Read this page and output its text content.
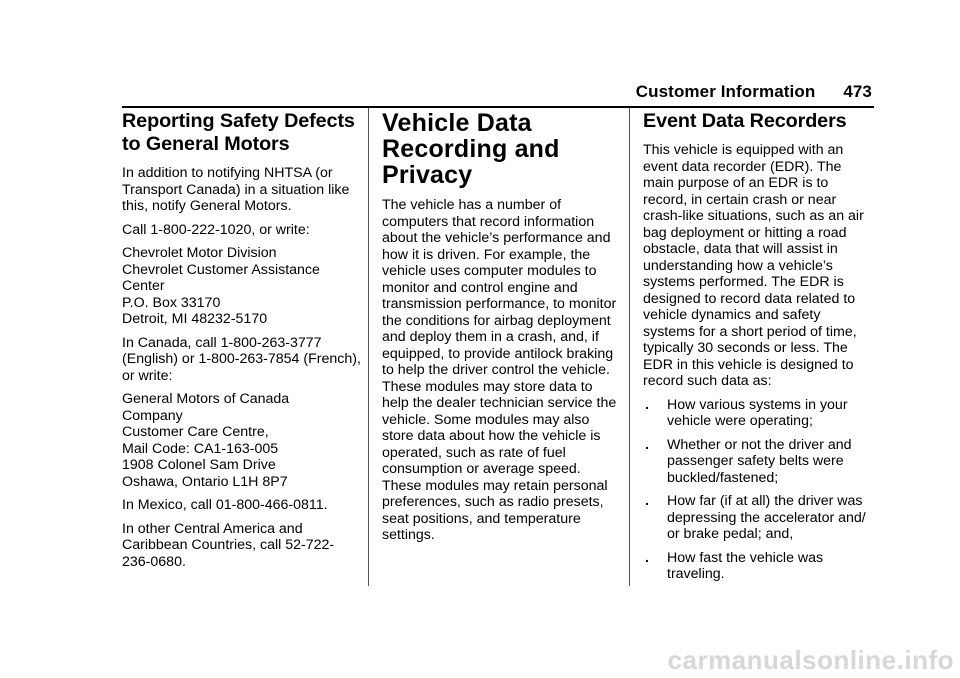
Customer Information 473
Reporting Safety Defects to General Motors

In addition to notifying NHTSA (or Transport Canada) in a situation like this, notify General Motors.

Call 1-800-222-1020, or write:

Chevrolet Motor Division
Chevrolet Customer Assistance
Center
P.O. Box 33170
Detroit, MI 48232-5170

In Canada, call 1-800-263-3777 (English) or 1-800-263-7854 (French), or write:

General Motors of Canada
Company
Customer Care Centre,
Mail Code: CA1-163-005
1908 Colonel Sam Drive
Oshawa, Ontario L1H 8P7

In Mexico, call 01-800-466-0811.

In other Central America and Caribbean Countries, call 52-722-236-0680.

Vehicle Data Recording and Privacy

The vehicle has a number of computers that record information about the vehicle’s performance and how it is driven. For example, the vehicle uses computer modules to monitor and control engine and transmission performance, to monitor the conditions for airbag deployment and deploy them in a crash, and, if equipped, to provide antilock braking to help the driver control the vehicle. These modules may store data to help the dealer technician service the vehicle. Some modules may also store data about how the vehicle is operated, such as rate of fuel consumption or average speed. These modules may retain personal preferences, such as radio presets, seat positions, and temperature settings.

Event Data Recorders

This vehicle is equipped with an event data recorder (EDR). The main purpose of an EDR is to record, in certain crash or near crash-like situations, such as an air bag deployment or hitting a road obstacle, data that will assist in understanding how a vehicle’s systems performed. The EDR is designed to record data related to vehicle dynamics and safety systems for a short period of time, typically 30 seconds or less. The EDR in this vehicle is designed to record such data as:

.	How various systems in your vehicle were operating;
.	Whether or not the driver and passenger safety belts were buckled/fastened;
.	How far (if at all) the driver was depressing the accelerator and/ or brake pedal; and,
.	How fast the vehicle was traveling.
carmanualsonline.info
